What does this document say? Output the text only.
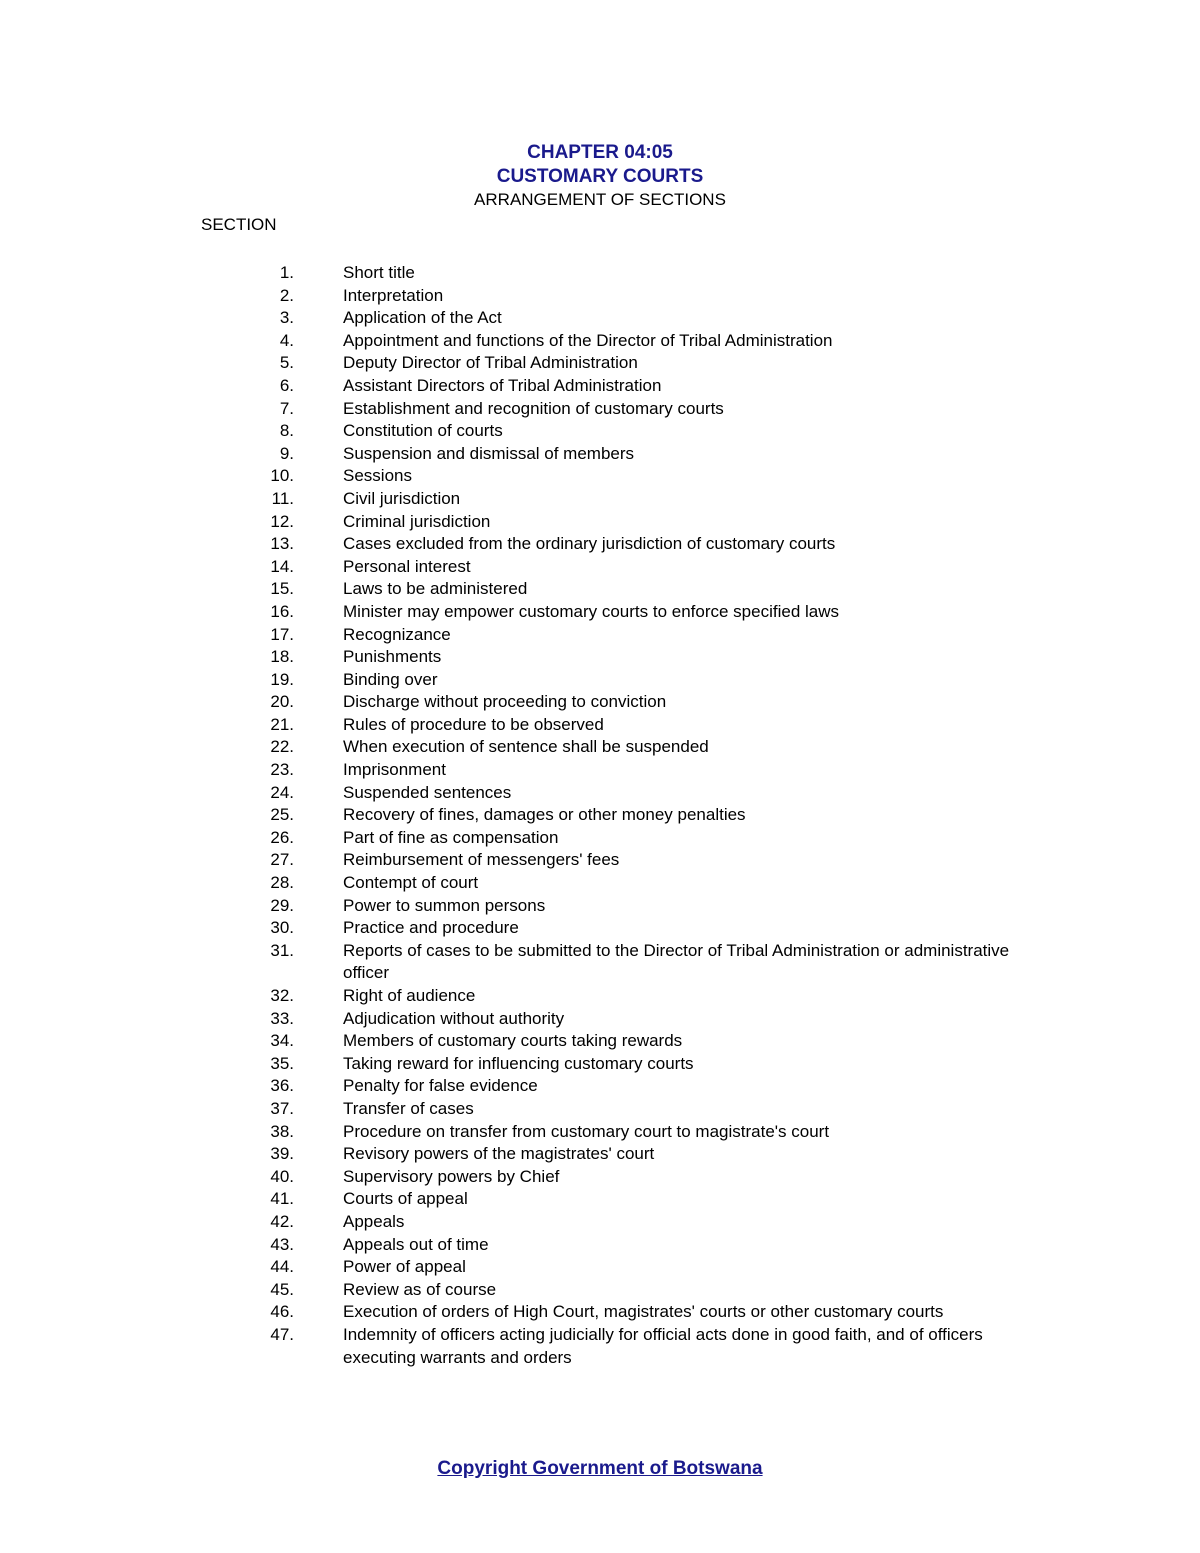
CHAPTER 04:05

CUSTOMARY COURTS

ARRANGEMENT OF SECTIONS

SECTION
1.	Short title
2.	Interpretation
3.	Application of the Act
4.	Appointment and functions of the Director of Tribal Administration
5.	Deputy Director of Tribal Administration
6.	Assistant Directors of Tribal Administration
7.	Establishment and recognition of customary courts
8.	Constitution of courts
9.	Suspension and dismissal of members
10.	Sessions
11.	Civil jurisdiction
12.	Criminal jurisdiction
13.	Cases excluded from the ordinary jurisdiction of customary courts
14.	Personal interest
15.	Laws to be administered
16.	Minister may empower customary courts to enforce specified laws
17.	Recognizance
18.	Punishments
19.	Binding over
20.	Discharge without proceeding to conviction
21.	Rules of procedure to be observed
22.	When execution of sentence shall be suspended
23.	Imprisonment
24.	Suspended sentences
25.	Recovery of fines, damages or other money penalties
26.	Part of fine as compensation
27.	Reimbursement of messengers' fees
28.	Contempt of court
29.	Power to summon persons
30.	Practice and procedure
31.	Reports of cases to be submitted to the Director of Tribal Administration or administrative officer
32.	Right of audience
33.	Adjudication without authority
34.	Members of customary courts taking rewards
35.	Taking reward for influencing customary courts
36.	Penalty for false evidence
37.	Transfer of cases
38.	Procedure on transfer from customary court to magistrate's court
39.	Revisory powers of the magistrates' court
40.	Supervisory powers by Chief
41.	Courts of appeal
42.	Appeals
43.	Appeals out of time
44.	Power of appeal
45.	Review as of course
46.	Execution of orders of High Court, magistrates' courts or other customary courts
47.	Indemnity of officers acting judicially for official acts done in good faith, and of officers executing warrants and orders
Copyright Government of Botswana
